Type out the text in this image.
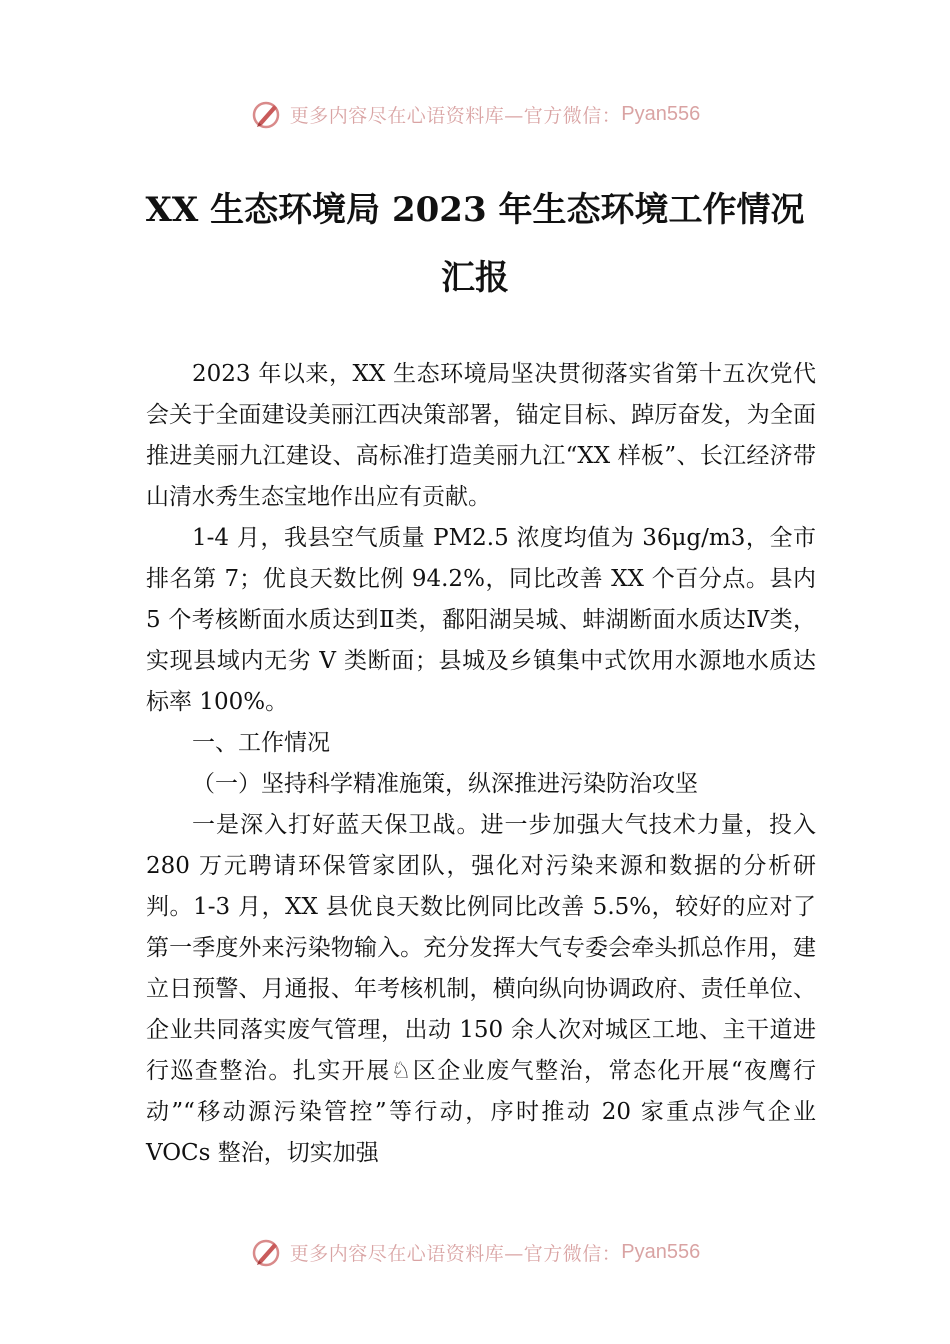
更多内容尽在心语资料库—官方微信： Pyan556
XX 生态环境局 2023 年生态环境工作情况
汇报

2023 年以来，XX 生态环境局坚决贯彻落实省第十五次党代会关于全面建设美丽江西决策部署，锚定目标、踔厉奋发，为全面推进美丽九江建设、高标准打造美丽九江“XX 样板”、长江经济带山清水秀生态宝地作出应有贡献。

1-4 月，我县空气质量 PM2.5 浓度均值为 36μg/m3，全市排名第 7；优良天数比例 94.2%，同比改善 XX 个百分点。县内 5 个考核断面水质达到Ⅱ类，鄱阳湖吴城、蚌湖断面水质达Ⅳ类，实现县域内无劣 V 类断面；县城及乡镇集中式饮用水源地水质达标率 100%。

一、工作情况

（一）坚持科学精准施策，纵深推进污染防治攻坚

一是深入打好蓝天保卫战。进一步加强大气技术力量，投入 280 万元聘请环保管家团队，强化对污染来源和数据的分析研判。1-3 月，XX 县优良天数比例同比改善 5.5%，较好的应对了第一季度外来污染物输入。充分发挥大气专委会牵头抓总作用，建立日预警、月通报、年考核机制，横向纵向协调政府、责任单位、企业共同落实废气管理，出动 150 余人次对城区工地、主干道进行巡查整治。扎实开展♘区企业废气整治，常态化开展“夜鹰行动”“移动源污染管控”等行动，序时推动 20 家重点涉气企业 VOCs 整治，切实加强

更多内容尽在心语资料库—官方微信： Pyan556
